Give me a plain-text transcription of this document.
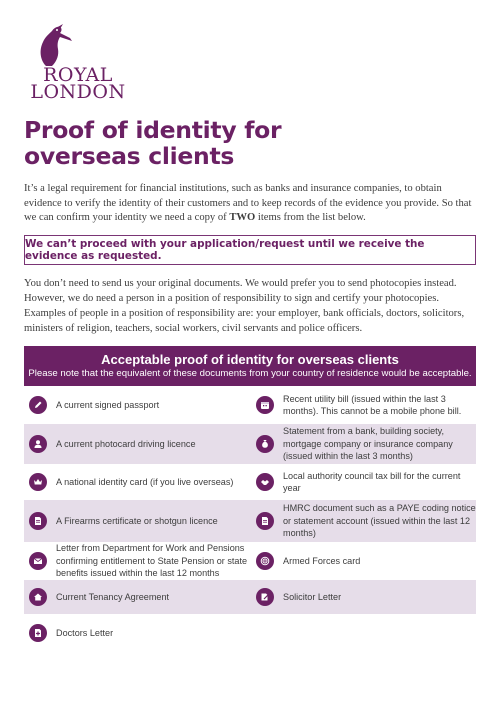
ROYAL
LONDON
Proof of identity for overseas clients

It’s a legal requirement for financial institutions, such as banks and insurance companies, to obtain evidence to verify the identity of their customers and to keep records of the evidence you provide. So that we can confirm your identity we need a copy of TWO items from the list below.

We can’t proceed with your application/request until we receive the evidence as requested.

You don’t need to send us your original documents. We would prefer you to send photocopies instead. However, we do need a person in a position of responsibility to sign and certify your photocopies.

Examples of people in a position of responsibility are: your employer, bank officials, doctors, solicitors, ministers of religion, teachers, social workers, civil servants and police officers.

Acceptable proof of identity for overseas clients
Please note that the equivalent of these documents from your country of residence would be acceptable.
A current signed passport
Recent utility bill (issued within the last 3 months). This cannot be a mobile phone bill.
A current photocard driving licence
Statement from a bank, building society, mortgage company or insurance company (issued within the last 3 months)
A national identity card (if you live overseas)
Local authority council tax bill for the current year
A Firearms certificate or shotgun licence
HMRC document such as a PAYE coding notice or statement account (issued within the last 12 months)
Letter from Department for Work and Pensions confirming entitlement to State Pension or state benefits issued within the last 12 months
Armed Forces card
Current Tenancy Agreement	Solicitor Letter
Doctors Letter
